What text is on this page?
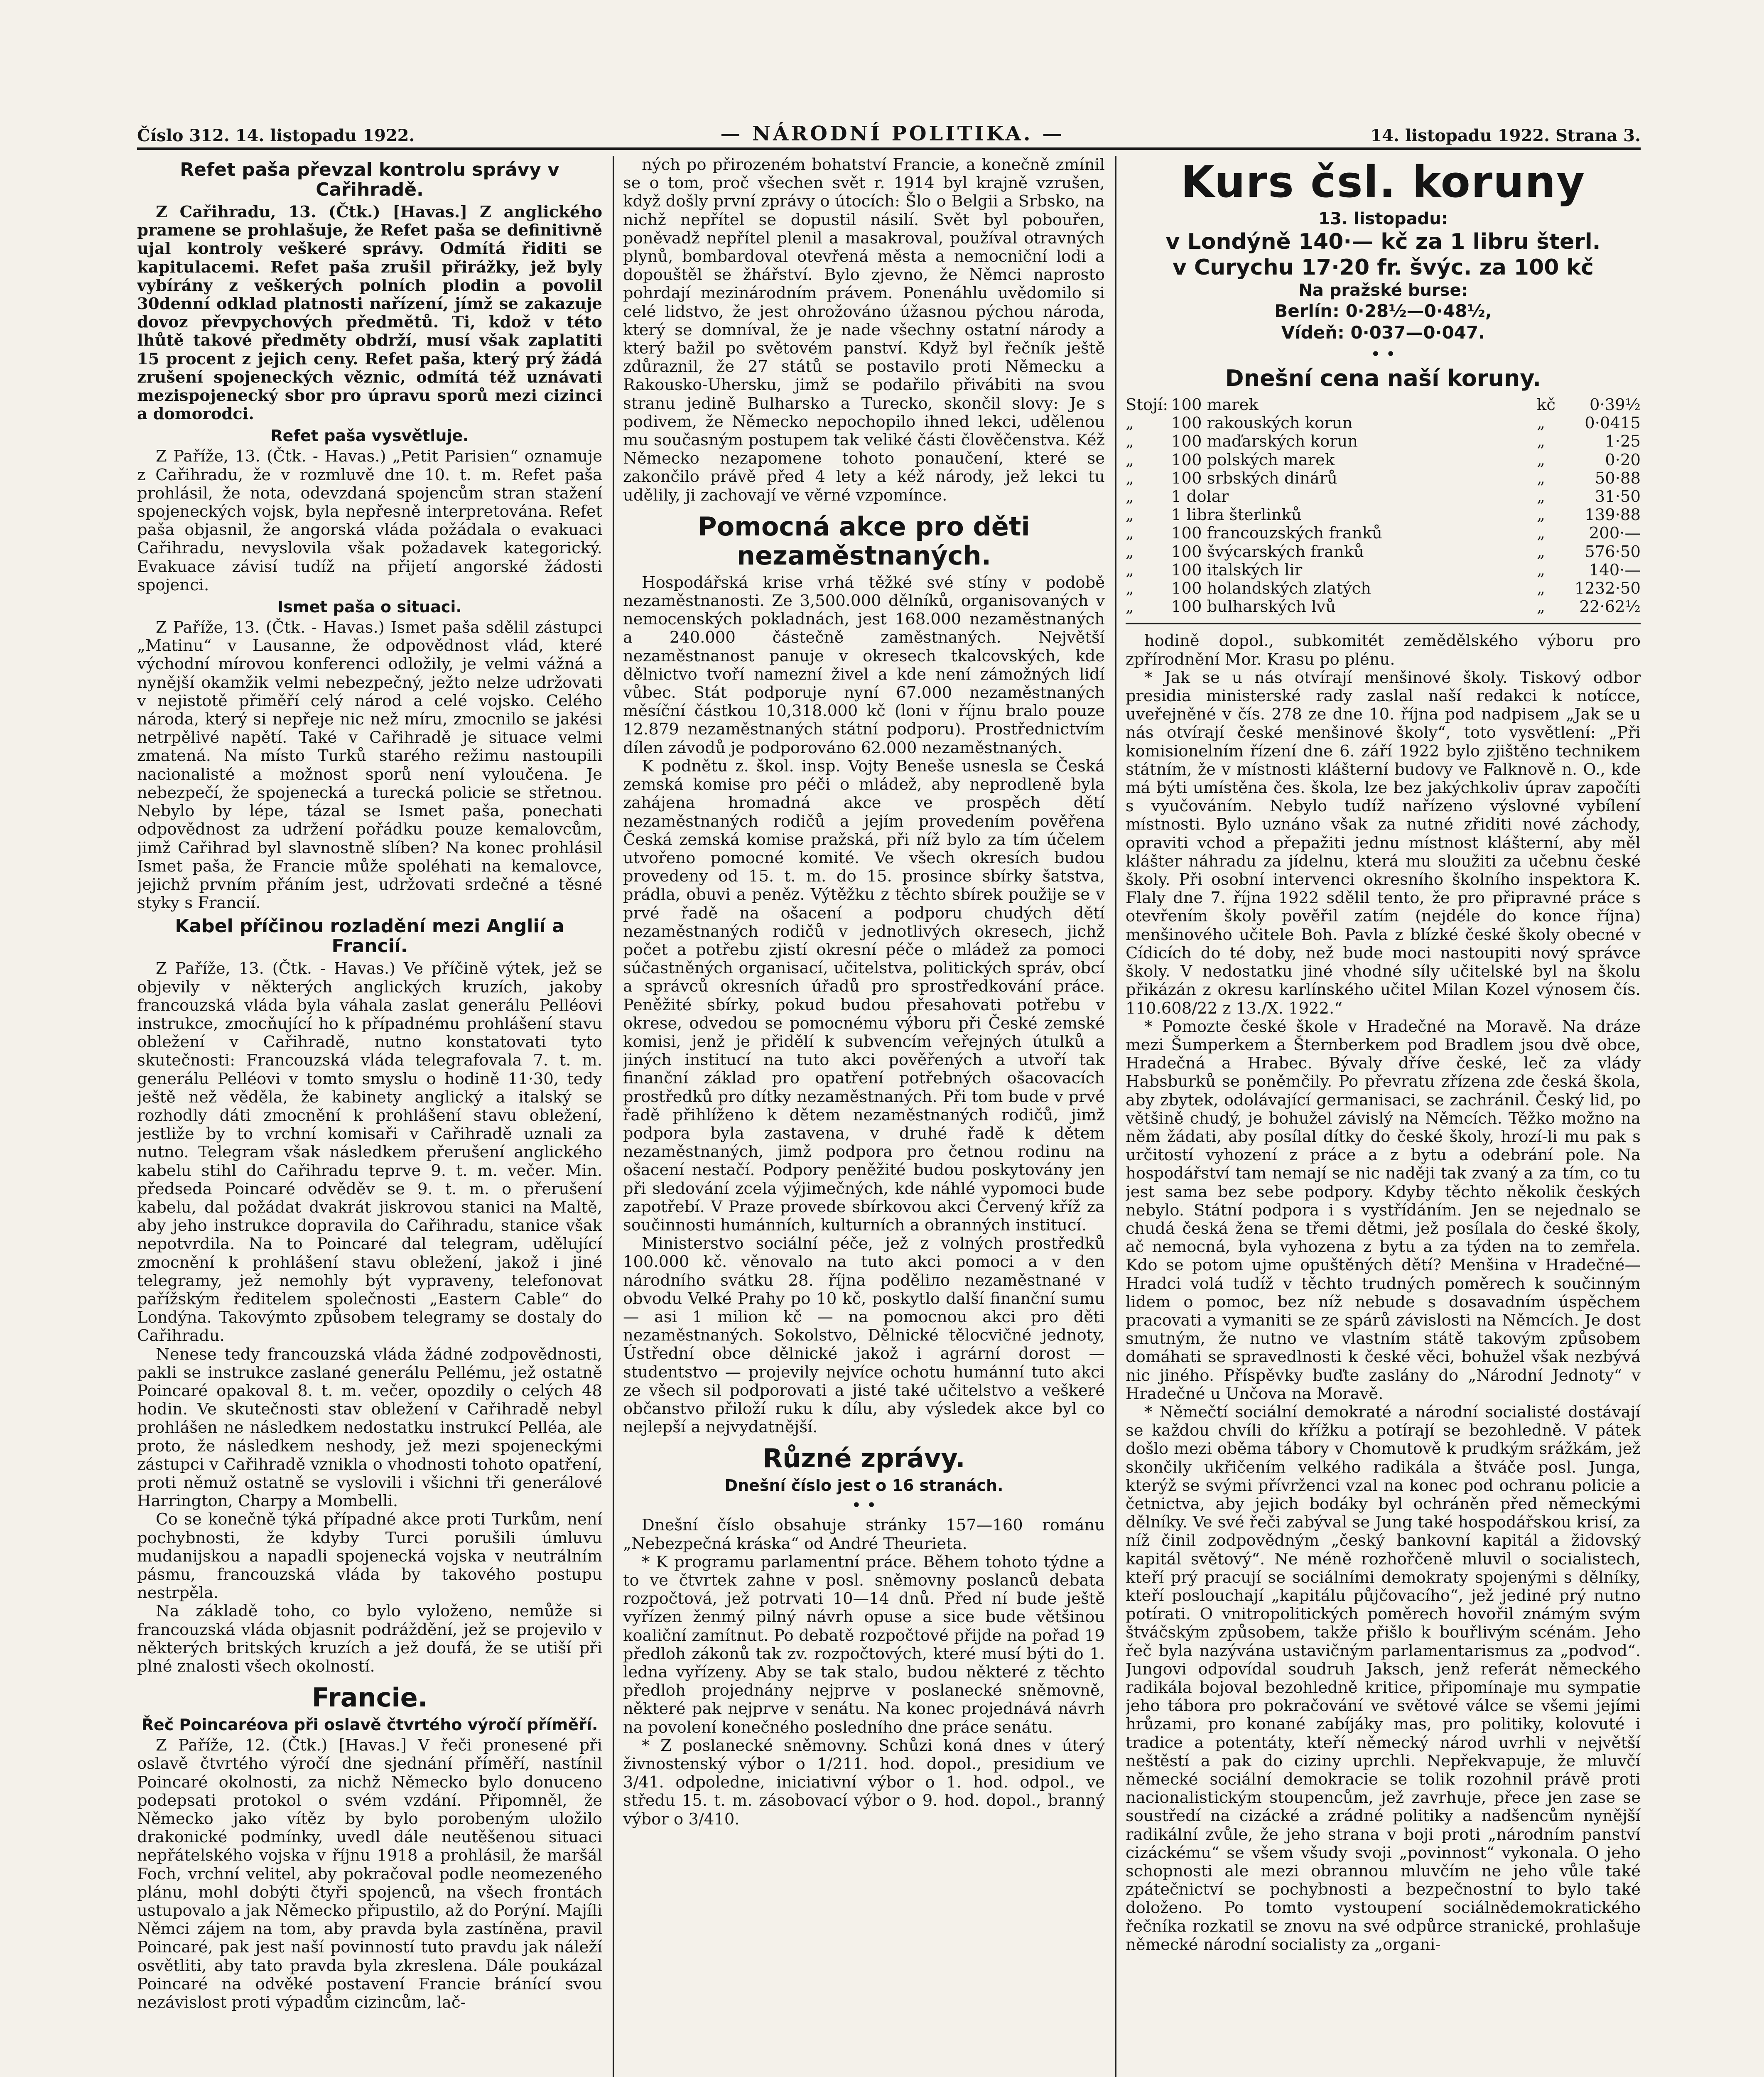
Číslo 312. 14. listopadu 1922.	— NÁRODNÍ POLITIKA. —	14. listopadu 1922. Strana 3.
Refet paša převzal kontrolu správy v Cařihradě.

Z Cařihradu, 13. (Čtk.) [Havas.] Z anglického pramene se prohlašuje, že Refet paša se definitivně ujal kontroly veškeré správy. Odmítá řiditi se kapitulacemi. Refet paša zrušil přirážky, jež byly vybírány z veškerých polních plodin a povolil 30denní odklad platnosti nařízení, jímž se zakazuje dovoz převpychových předmětů. Ti, kdož v této lhůtě takové předměty obdrží, musí však zaplatiti 15 procent z jejich ceny. Refet paša, který prý žádá zrušení spojeneckých věznic, odmítá též uznávati mezispojenecký sbor pro úpravu sporů mezi cizinci a domorodci.

Refet paša vysvětluje.

Z Paříže, 13. (Čtk. - Havas.) „Petit Parisien“ oznamuje z Cařihradu, že v rozmluvě dne 10. t. m. Refet paša prohlásil, že nota, odevzdaná spojencům stran stažení spojeneckých vojsk, byla nepřesně interpretována. Refet paša objasnil, že angorská vláda požádala o evakuaci Cařihradu, nevyslovila však požadavek kategorický. Evakuace závisí tudíž na přijetí angorské žádosti spojenci.

Ismet paša o situaci.

Z Paříže, 13. (Čtk. - Havas.) Ismet paša sdělil zástupci „Matinu“ v Lausanne, že odpovědnost vlád, které východní mírovou konferenci odložily, je velmi vážná a nynější okamžik velmi nebezpečný, ježto nelze udržovati v nejistotě přiměří celý národ a celé vojsko. Celého národa, který si nepřeje nic než míru, zmocnilo se jakési netrpělivé napětí. Také v Cařihradě je situace velmi zmatená. Na místo Turků starého režimu nastoupili nacionalisté a možnost sporů není vyloučena. Je nebezpečí, že spojenecká a turecká policie se střetnou. Nebylo by lépe, tázal se Ismet paša, ponechati odpovědnost za udržení pořádku pouze kemalovcům, jimž Cařihrad byl slavnostně slíben? Na konec prohlásil Ismet paša, že Francie může spoléhati na kemalovce, jejichž prvním přáním jest, udržovati srdečné a těsné styky s Francií.

Kabel příčinou rozladění mezi Anglií a Francií.

Z Paříže, 13. (Čtk. - Havas.) Ve příčině výtek, jež se objevily v některých anglických kruzích, jakoby francouzská vláda byla váhala zaslat generálu Pelléovi instrukce, zmocňující ho k případnému prohlášení stavu obležení v Cařihradě, nutno konstatovati tyto skutečnosti: Francouzská vláda telegrafovala 7. t. m. generálu Pelléovi v tomto smyslu o hodině 11·30, tedy ještě než věděla, že kabinety anglický a italský se rozhodly dáti zmocnění k prohlášení stavu obležení, jestliže by to vrchní komisaři v Cařihradě uznali za nutno. Telegram však následkem přerušení anglického kabelu stihl do Cařihradu teprve 9. t. m. večer. Min. předseda Poincaré odvěděv se 9. t. m. o přerušení kabelu, dal požádat dvakrát jiskrovou stanici na Maltě, aby jeho instrukce dopravila do Cařihradu, stanice však nepotvrdila. Na to Poincaré dal telegram, udělující zmocnění k prohlášení stavu obležení, jakož i jiné telegramy, jež nemohly být vypraveny, telefonovat pařížským ředitelem společnosti „Eastern Cable“ do Londýna. Takovýmto způsobem telegramy se dostaly do Cařihradu.

Nenese tedy francouzská vláda žádné zodpovědnosti, pakli se instrukce zaslané generálu Pellému, jež ostatně Poincaré opakoval 8. t. m. večer, opozdily o celých 48 hodin. Ve skutečnosti stav obležení v Cařihradě nebyl prohlášen ne následkem nedostatku instrukcí Pelléa, ale proto, že následkem neshody, jež mezi spojeneckými zástupci v Cařihradě vznikla o vhodnosti tohoto opatření, proti němuž ostatně se vyslovili i všichni tři generálové Harrington, Charpy a Mombelli.

Co se konečně týká případné akce proti Turkům, není pochybnosti, že kdyby Turci porušili úmluvu mudanijskou a napadli spojenecká vojska v neutrálním pásmu, francouzská vláda by takového postupu nestrpěla.

Na základě toho, co bylo vyloženo, nemůže si francouzská vláda objasnit podráždění, jež se projevilo v některých britských kruzích a jež doufá, že se utiší při plné znalosti všech okolností.

Francie.
Řeč Poincaréova při oslavě čtvrtého výročí příměří.

Z Paříže, 12. (Čtk.) [Havas.] V řeči pronesené při oslavě čtvrtého výročí dne sjednání příměří, nastínil Poincaré okolnosti, za nichž Německo bylo donuceno podepsati protokol o svém vzdání. Připomněl, že Německo jako vítěz by bylo porobeným uložilo drakonické podmínky, uvedl dále neutěšenou situaci nepřátelského vojska v říjnu 1918 a prohlásil, že maršál Foch, vrchní velitel, aby pokračoval podle neomezeného plánu, mohl dobýti čtyři spojenců, na všech frontách ustupovalo a jak Německo připustilo, až do Porýní. Majíli Němci zájem na tom, aby pravda byla zastíněna, pravil Poincaré, pak jest naší povinností tuto pravdu jak náleží osvětliti, aby tato pravda byla zkreslena. Dále poukázal Poincaré na odvěké postavení Francie bránící svou nezávislost proti výpadům cizincům, lač-

ných po přirozeném bohatství Francie, a konečně zmínil se o tom, proč všechen svět r. 1914 byl krajně vzrušen, když došly první zprávy o útocích: Šlo o Belgii a Srbsko, na nichž nepřítel se dopustil násilí. Svět byl pobouřen, poněvadž nepřítel plenil a masakroval, používal otravných plynů, bombardoval otevřená města a nemocniční lodi a dopouštěl se žhářství. Bylo zjevno, že Němci naprosto pohrdají mezinárodním právem. Ponenáhlu uvědomilo si celé lidstvo, že jest ohrožováno úžasnou pýchou národa, který se domníval, že je nade všechny ostatní národy a který bažil po světovém panství. Když byl řečník ještě zdůraznil, že 27 států se postavilo proti Německu a Rakousko-Uhersku, jimž se podařilo přivábiti na svou stranu jedině Bulharsko a Turecko, skončil slovy: Je s podivem, že Německo nepochopilo ihned lekci, udělenou mu současným postupem tak veliké části člověčenstva. Kéž Německo nezapomene tohoto ponaučení, které se zakončilo právě před 4 lety a kéž národy, jež lekci tu udělily, ji zachovají ve věrné vzpomínce.

Pomocná akce pro děti nezaměstnaných.

Hospodářská krise vrhá těžké své stíny v podobě nezaměstnanosti. Ze 3,500.000 dělníků, organisovaných v nemocenských pokladnách, jest 168.000 nezaměstnaných a 240.000 částečně zaměstnaných. Největší nezaměstnanost panuje v okresech tkalcovských, kde dělnictvo tvoří namezní živel a kde není zámožných lidí vůbec. Stát podporuje nyní 67.000 nezaměstnaných měsíční částkou 10,318.000 kč (loni v říjnu bralo pouze 12.879 nezaměstnaných státní podporu). Prostřednictvím dílen závodů je podporováno 62.000 nezaměstnaných.

K podnětu z. škol. insp. Vojty Beneše usnesla se Česká zemská komise pro péči o mládež, aby neprodleně byla zahájena hromadná akce ve prospěch dětí nezaměstnaných rodičů a jejím provedením pověřena Česká zemská komise pražská, při níž bylo za tím účelem utvořeno pomocné komité. Ve všech okresích budou provedeny od 15. t. m. do 15. prosince sbírky šatstva, prádla, obuvi a peněz. Výtěžku z těchto sbírek použije se v prvé řadě na ošacení a podporu chudých dětí nezaměstnaných rodičů v jednotlivých okresech, jichž počet a potřebu zjistí okresní péče o mládež za pomoci súčastněných organisací, učitelstva, politických správ, obcí a správců okresních úřadů pro sprostředkování práce. Peněžité sbírky, pokud budou přesahovati potřebu v okrese, odvedou se pomocnému výboru při České zemské komisi, jenž je přidělí k subvencím veřejných útulků a jiných institucí na tuto akci pověřených a utvoří tak finanční základ pro opatření potřebných ošacovacích prostředků pro dítky nezaměstnaných. Při tom bude v prvé řadě přihlíženo k dětem nezaměstnaných rodičů, jimž podpora byla zastavena, v druhé řadě k dětem nezaměstnaných, jimž podpora pro četnou rodinu na ošacení nestačí. Podpory peněžité budou poskytovány jen při sledování zcela výjimečných, kde náhlé vypomoci bude zapotřebí. V Praze provede sbírkovou akci Červený kříž za součinnosti humánních, kulturních a obranných institucí.

Ministerstvo sociální péče, jež z volných prostředků 100.000 kč. věnovalo na tuto akci pomoci a v den národního svátku 28. října poděliло nezaměstnané v obvodu Velké Prahy po 10 kč, poskytlo další finanční sumu — asi 1 milion kč — na pomocnou akci pro děti nezaměstnaných. Sokolstvo, Dělnické tělocvičné jednoty, Ústřední obce dělnické jakož i agrární dorost — studentstvo — projevily nejvíce ochotu humánní tuto akci ze všech sil podporovati a jisté také učitelstvo a veškeré občanstvo přiloží ruku k dílu, aby výsledek akce byl co nejlepší a nejvydatnější.

Různé zprávy.
Dnešní číslo jest o 16 stranách.
• •

Dnešní číslo obsahuje stránky 157—160 románu „Nebezpečná kráska“ od André Theurieta.

* K programu parlamentní práce. Během tohoto týdne a to ve čtvrtek zahne v posl. sněmovny poslanců debata rozpočtová, jež potrvati 10—14 dnů. Před ní bude ještě vyřízen ženmý pilný návrh opuse a sice bude většinou koaliční zamítnut. Po debatě rozpočtové přijde na pořad 19 předloh zákonů tak zv. rozpočtových, které musí býti do 1. ledna vyřízeny. Aby se tak stalo, budou některé z těchto předloh projednány nejprve v poslanecké sněmovně, některé pak nejprve v senátu. Na konec projednává návrh na povolení konečného posledního dne práce senátu.

* Z poslanecké sněmovny. Schůzi koná dnes v úterý živnostenský výbor o 1/211. hod. dopol., presidium ve 3/41. odpoledne, iniciativní výbor o 1. hod. odpol., ve středu 15. t. m. zásobovací výbor o 9. hod. dopol., branný výbor o 3/410.

Kurs čsl. koruny
13. listopadu:
v Londýně 140·— kč za 1 libru šterl.
v Curychu 17·20 fr. švýc. za 100 kč
Na pražské burse:
Berlín: 0·28½—0·48½,
Vídeň: 0·037—0·047.
• •
Dnešní cena naší koruny.
Stojí:	100 marek	kč	0·39½
„	100 rakouských korun	„	0·0415
„	100 maďarských korun	„	1·25
„	100 polských marek	„	0·20
„	100 srbských dinárů	„	50·88
„	1 dolar	„	31·50
„	1 libra šterlinků	„	139·88
„	100 francouzských franků	„	200·—
„	100 švýcarských franků	„	576·50
„	100 italských lir	„	140·—
„	100 holandských zlatých	„	1232·50
„	100 bulharských lvů	„	22·62½

hodině dopol., subkomitét zemědělského výboru pro zpřírodnění Mor. Krasu po plénu.

* Jak se u nás otvírají menšinové školy. Tiskový odbor presidia ministerské rady zaslal naší redakci k notícce, uveřejněné v čís. 278 ze dne 10. října pod nadpisem „Jak se u nás otvírají české menšinové školy“, toto vysvětlení: „Při komisionelním řízení dne 6. září 1922 bylo zjištěno technikem státním, že v místnosti klášterní budovy ve Falknově n. O., kde má býti umístěna čes. škola, lze bez jakýchkoliv úprav započíti s vyučováním. Nebylo tudíž nařízeno výslovné vybílení místnosti. Bylo uznáno však za nutné zřiditi nové záchody, opraviti vchod a přepažiti jednu místnost klášterní, aby měl klášter náhradu za jídelnu, která mu sloužiti za učebnu české školy. Při osobní intervenci okresního školního inspektora K. Flaly dne 7. října 1922 sdělil tento, že pro připravné práce s otevřením školy pověřil zatím (nejdéle do konce října) menšinového učitele Boh. Pavla z blízké české školy obecné v Cídicích do té doby, než bude moci nastoupiti nový správce školy. V nedostatku jiné vhodné síly učitelské byl na školu přikázán z okresu karlínského učitel Milan Kozel výnosem čís. 110.608/22 z 13./X. 1922.“

* Pomozte české škole v Hradečné na Moravě. Na dráze mezi Šumperkem a Šternberkem pod Bradlem jsou dvě obce, Hradečná a Hrabec. Bývaly dříve české, leč za vlády Habsburků se poněmčily. Po převratu zřízena zde česká škola, aby zbytek, odolávající germanisaci, se zachránil. Český lid, po většině chudý, je bohužel závislý na Němcích. Těžko možno na něm žádati, aby posílal dítky do české školy, hrozí-li mu pak s určitostí vyhození z práce a z bytu a odebrání pole. Na hospodářství tam nemají se nic naději tak zvaný a za tím, co tu jest sama bez sebe podpory. Kdyby těchto několik českých nebylo. Státní podpora i s vystřídáním. Jen se nejednalo se chudá česká žena se třemi dětmi, jež posílala do české školy, ač nemocná, byla vyhozena z bytu a za týden na to zemřela. Kdo se potom ujme opuštěných dětí? Menšina v Hradečné—Hradci volá tudíž v těchto trudných poměrech k součinným lidem o pomoc, bez níž nebude s dosavadním úspěchem pracovati a vymaniti se ze spárů závislosti na Němcích. Je dost smutným, že nutno ve vlastním státě takovým způsobem domáhati se spravedlnosti k české věci, bohužel však nezbývá nic jiného. Příspěvky buďte zaslány do „Národní Jednoty“ v Hradečné u Unčova na Moravě.

* Němečtí sociální demokraté a národní socialisté dostávají se každou chvíli do křížku a potírají se bezohledně. V pátek došlo mezi oběma tábory v Chomutově k prudkým srážkám, jež skončily ukřičením velkého radikála a štváče posl. Junga, kterýž se svými přívrženci vzal na konec pod ochranu policie a četnictva, aby jejich bodáky byl ochráněn před německými dělníky. Ve své řeči zabýval se Jung také hospodářskou krisí, za níž činil zodpovědným „český bankovní kapitál a židovský kapitál světový“. Ne méně rozhořčeně mluvil o socialistech, kteří prý pracují se sociálními demokraty spojenými s dělníky, kteří poslouchají „kapitálu půjčovacího“, jež jediné prý nutno potírati. O vnitropolitických poměrech hovořil známým svým štváčským způsobem, takže přišlo k bouřlivým scénám. Jeho řeč byla nazývána ustavičným parlamentarismus za „podvod“. Jungovi odpovídal soudruh Jaksch, jenž referát německého radikála bojoval bezohledně kritice, připomínaje mu sympatie jeho tábora pro pokračování ve světové válce se všemi jejími hrůzami, pro konané zabíjáky mas, pro politiky, kolovuté i tradice a potentáty, kteří německý národ uvrhli v největší neštěstí a pak do ciziny uprchli. Nepřekvapuje, že mluvčí německé sociální demokracie se tolik rozohnil právě proti nacionalistickým stoupencům, jež zavrhuje, přece jen zase se soustředí na cizácké a zrádné politiky a nadšencům nynější radikální zvůle, že jeho strana v boji proti „národním panství cizáckému“ se všem všudy svoji „povinnost“ vykonala. O jeho schopnosti ale mezi obrannou mluvčím ne jeho vůle také zpátečnictví se pochybnosti a bezpečnostní to bylo také doloženo. Po tomto vystoupení sociálnědemokratického řečníka rozkatil se znovu na své odpůrce stranické, prohlašuje německé národní socialisty za „organi-
